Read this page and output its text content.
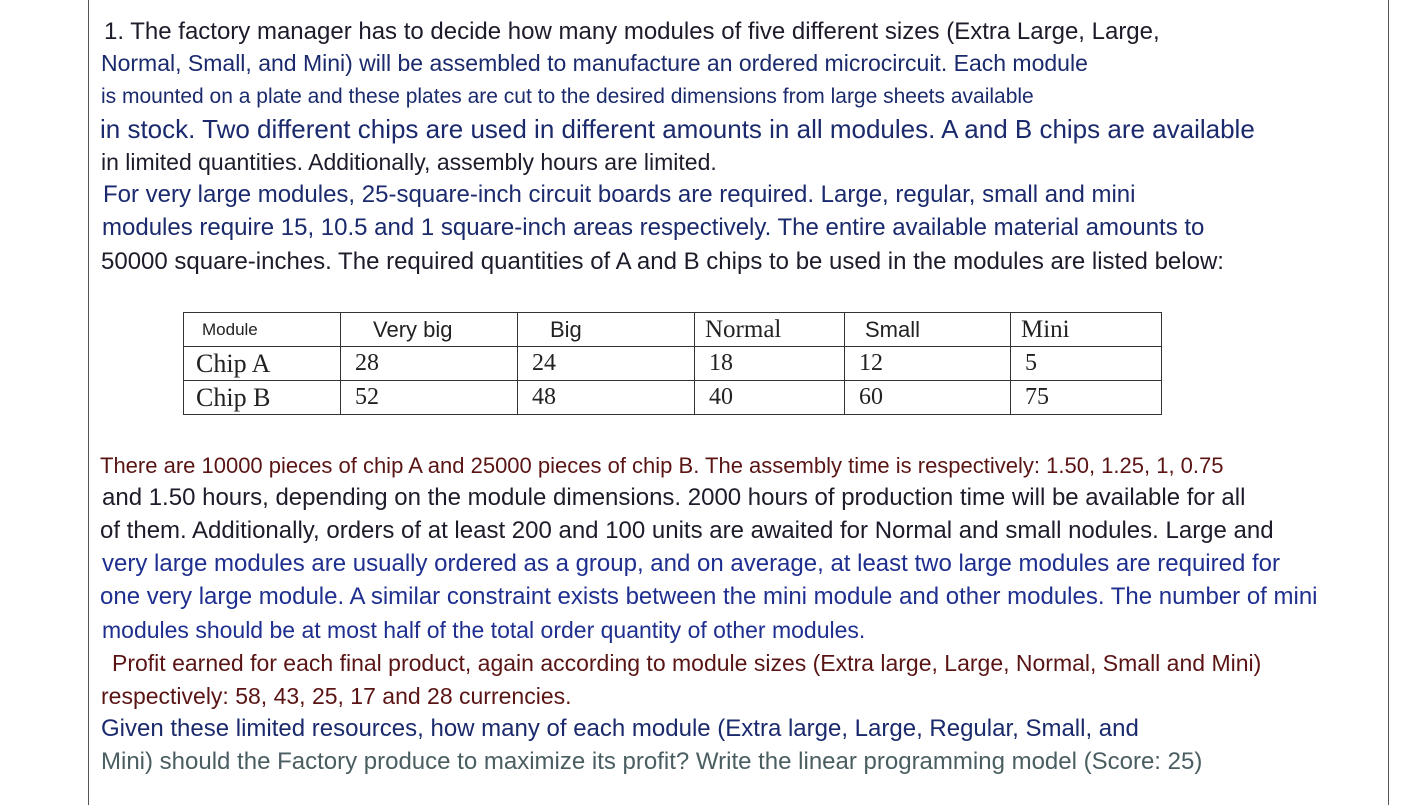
1. The factory manager has to decide how many modules of five different sizes (Extra Large, Large,

Normal, Small, and Mini) will be assembled to manufacture an ordered microcircuit. Each module

is mounted on a plate and these plates are cut to the desired dimensions from large sheets available

in stock. Two different chips are used in different amounts in all modules. A and B chips are available

in limited quantities. Additionally, assembly hours are limited.

For very large modules, 25-square-inch circuit boards are required. Large, regular, small and mini

modules require 15, 10.5 and 1 square-inch areas respectively. The entire available material amounts to

50000 square-inches. The required quantities of A and B chips to be used in the modules are listed below:

Module	Very big	Big	Normal	Small	Mini
Chip A	28	24	18	12	5
Chip B	52	48	40	60	75

There are 10000 pieces of chip A and 25000 pieces of chip B. The assembly time is respectively: 1.50, 1.25, 1, 0.75

and 1.50 hours, depending on the module dimensions. 2000 hours of production time will be available for all

of them. Additionally, orders of at least 200 and 100 units are awaited for Normal and small nodules. Large and

very large modules are usually ordered as a group, and on average, at least two large modules are required for

one very large module. A similar constraint exists between the mini module and other modules. The number of mini

modules should be at most half of the total order quantity of other modules.

Profit earned for each final product, again according to module sizes (Extra large, Large, Normal, Small and Mini)

respectively: 58, 43, 25, 17 and 28 currencies.

Given these limited resources, how many of each module (Extra large, Large, Regular, Small, and

Mini) should the Factory produce to maximize its profit? Write the linear programming model (Score: 25)
